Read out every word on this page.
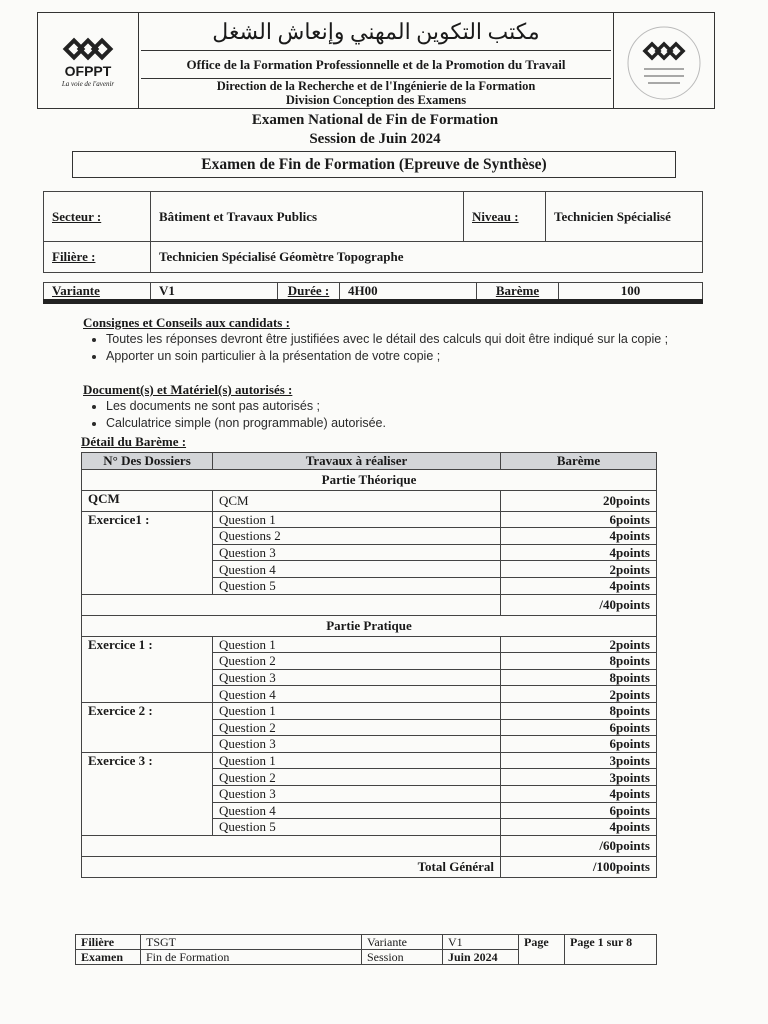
OFPPT
La voie de l'avenir
مكتب التكوين المهني وإنعاش الشغل
Office de la Formation Professionnelle et de la Promotion du Travail
Direction de la Recherche et de l'Ingénierie de la Formation
Division Conception des Examens
Examen National de Fin de Formation
Session de Juin 2024
Examen de Fin de Formation (Epreuve de Synthèse)
Secteur :	Bâtiment et Travaux Publics	Niveau :	Technicien Spécialisé
Filière :	Technicien Spécialisé Géomètre Topographe		
Variante	V1	Durée :	4H00	Barème	100
Consignes et Conseils aux candidats :
• Toutes les réponses devront être justifiées avec le détail des calculs qui doit être indiqué sur la copie ;
• Apporter un soin particulier à la présentation de votre copie ;
Document(s) et Matériel(s) autorisés :
• Les documents ne sont pas autorisés ;
• Calculatrice simple (non programmable) autorisée.
Détail du Barème :
N° Des Dossiers	Travaux à réaliser	Barème
Partie Théorique		
QCM	QCM	20points
Exercice1 :	Question 1	6points
	Questions 2	4points
	Question 3	4points
	Question 4	2points
	Question 5	4points
		/40points
Partie Pratique		
Exercice 1 :	Question 1	2points
	Question 2	8points
	Question 3	8points
	Question 4	2points
Exercice 2 :	Question 1	8points
	Question 2	6points
	Question 3	6points
Exercice 3 :	Question 1	3points
	Question 2	3points
	Question 3	4points
	Question 4	6points
	Question 5	4points
		/60points
Total Général		/100points
Filière	TSGT	Variante	V1	Page	Page 1 sur 8
Examen	Fin de Formation	Session	Juin 2024		
